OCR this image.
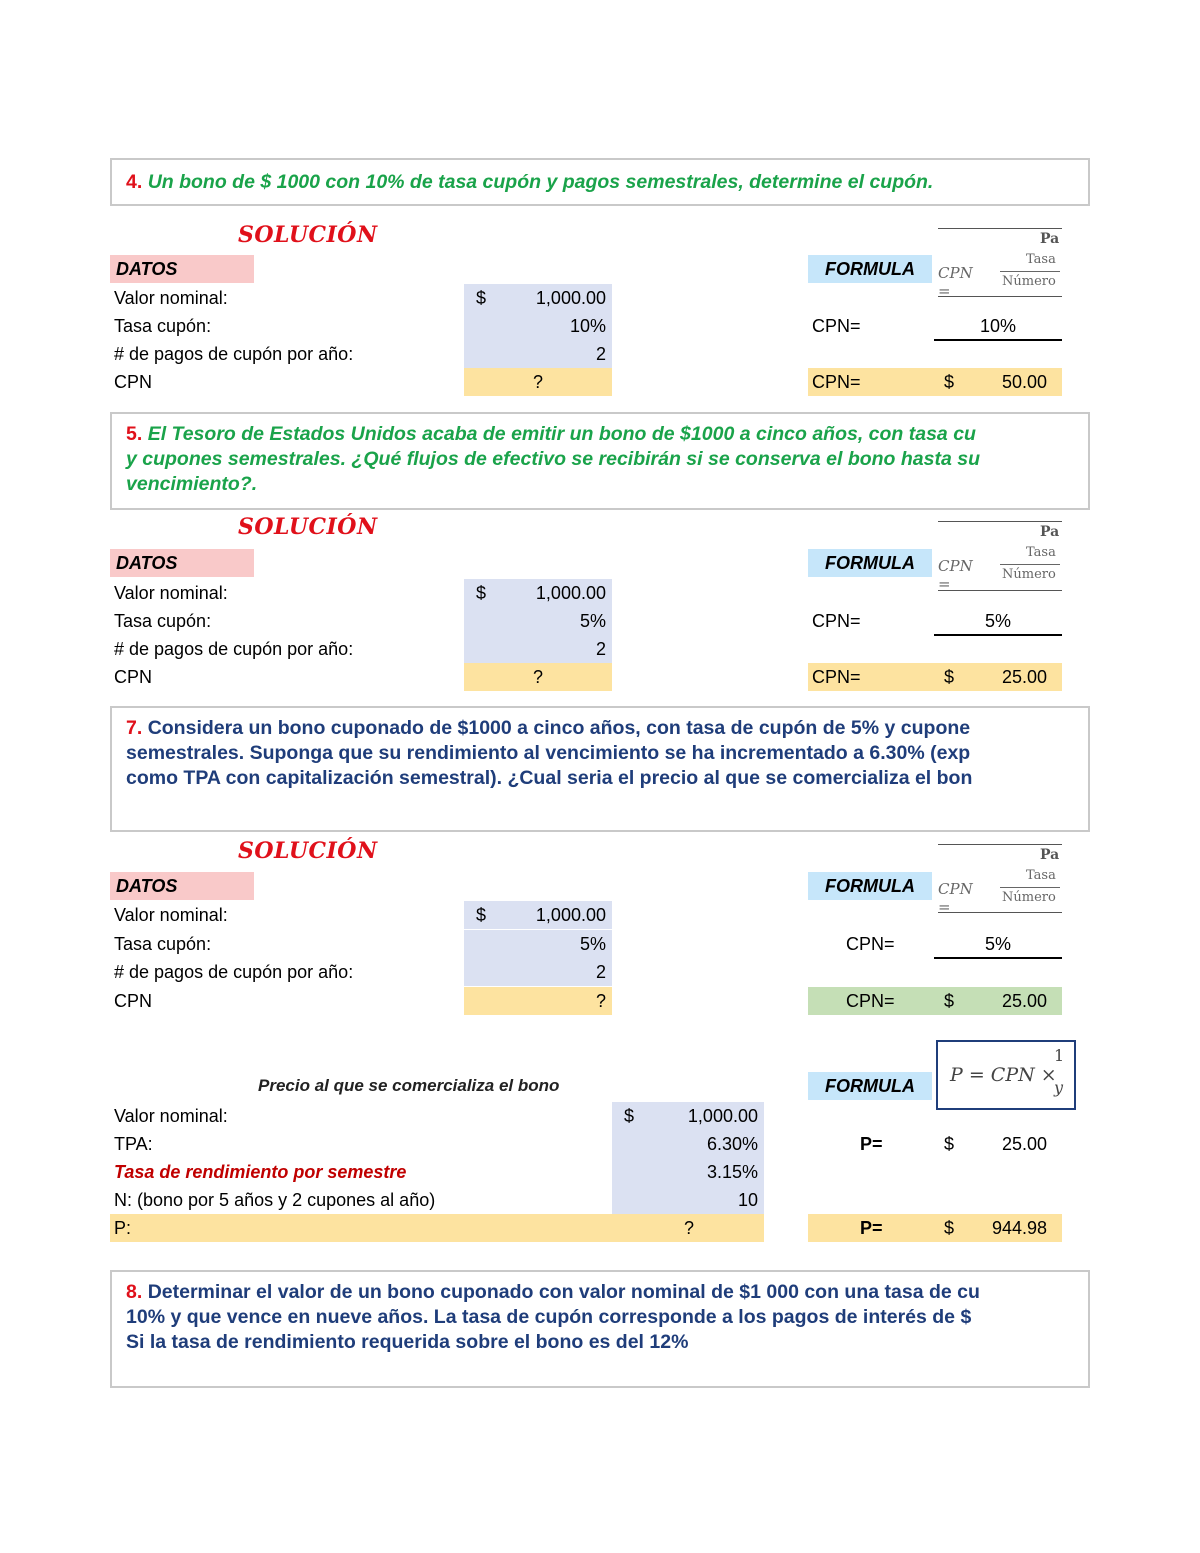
4. Un bono de $ 1000 con 10% de tasa cupón y pagos semestrales, determine el cupón.
SOLUCIÓN	Pa
DATOS	FORMULA	CPN =
Tasa
Número
Valor nominal:	$	1,000.00
Tasa cupón:	10%	CPN=	10%
# de pagos de cupón por año:	2
CPN	?	CPN=	$	50.00
5. El Tesoro de Estados Unidos acaba de emitir un bono de $1000 a cinco años, con tasa cu
y cupones semestrales. ¿Qué flujos de efectivo se recibirán si se conserva el bono hasta su
vencimiento?.
SOLUCIÓN	Pa
DATOS	FORMULA	CPN =
Tasa
Número
Valor nominal:	$	1,000.00
Tasa cupón:	5%	CPN=	5%
# de pagos de cupón por año:	2
CPN	?	CPN=	$	25.00
7. Considera un bono cuponado de $1000 a cinco años, con tasa de cupón de 5% y cupone
semestrales. Suponga que su rendimiento al vencimiento se ha incrementado a 6.30% (exp
como TPA con capitalización semestral). ¿Cual seria el precio al que se comercializa el bon
SOLUCIÓN	Pa
DATOS	FORMULA	CPN =
Tasa
Número
Valor nominal:	$	1,000.00
Tasa cupón:	5%	CPN=	5%
# de pagos de cupón por año:	2
CPN	?	CPN=	$	25.00
P = CPN ×
1
y
Precio al que se comercializa el bono	FORMULA
Valor nominal:	$	1,000.00
TPA:	6.30%	P=	$	25.00
Tasa de rendimiento por semestre	3.15%
N: (bono por 5 años y 2 cupones al año)	10
P:	?	P=	$ 944.98
8. Determinar el valor de un bono cuponado con valor nominal de $1 000 con una tasa de cu
10% y que vence en nueve años. La tasa de cupón corresponde a los pagos de interés de $
Si la tasa de rendimiento requerida sobre el bono es del 12%
